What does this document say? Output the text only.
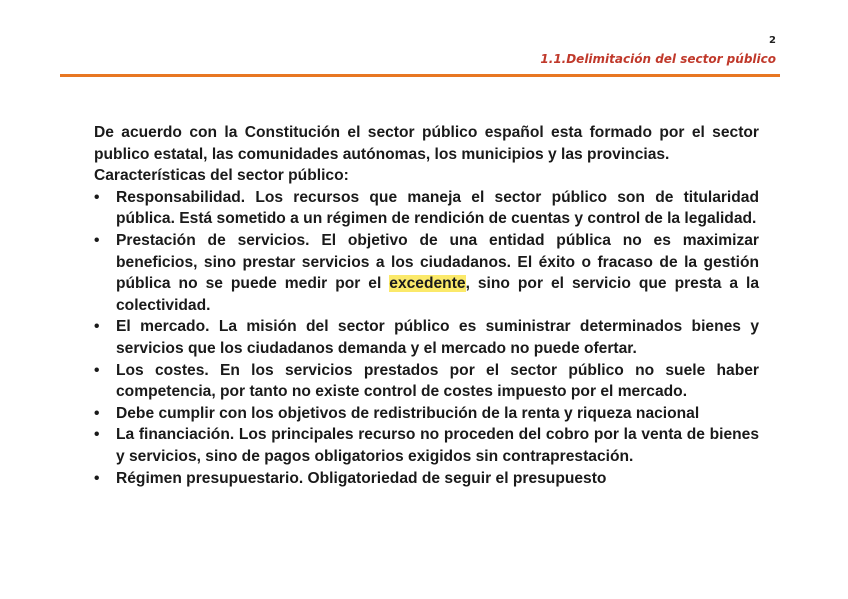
2
1.1.Delimitación del sector público

De acuerdo con la Constitución el sector público español esta formado por el sector publico estatal, las comunidades autónomas, los municipios y las provincias.

Características del sector público:

•	Responsabilidad. Los recursos que maneja el sector público son de titularidad pública. Está sometido a un régimen de rendición de cuentas y control de la legalidad.
•	Prestación de servicios. El objetivo de una entidad pública no es maximizar beneficios, sino prestar servicios a los ciudadanos. El éxito o fracaso de la gestión pública no se puede medir por el excedente, sino por el servicio que presta a la colectividad.
•	El mercado. La misión del sector público es suministrar determinados bienes y servicios que los ciudadanos demanda y el mercado no puede ofertar.
•	Los costes. En los servicios prestados por el sector público no suele haber competencia, por tanto no existe control de costes impuesto por el mercado.
•	Debe cumplir con los objetivos de redistribución de la renta y riqueza nacional
•	La financiación. Los principales recurso no proceden del cobro por la venta de bienes y servicios, sino de pagos obligatorios exigidos sin contraprestación.
•	Régimen presupuestario. Obligatoriedad de seguir el presupuesto
